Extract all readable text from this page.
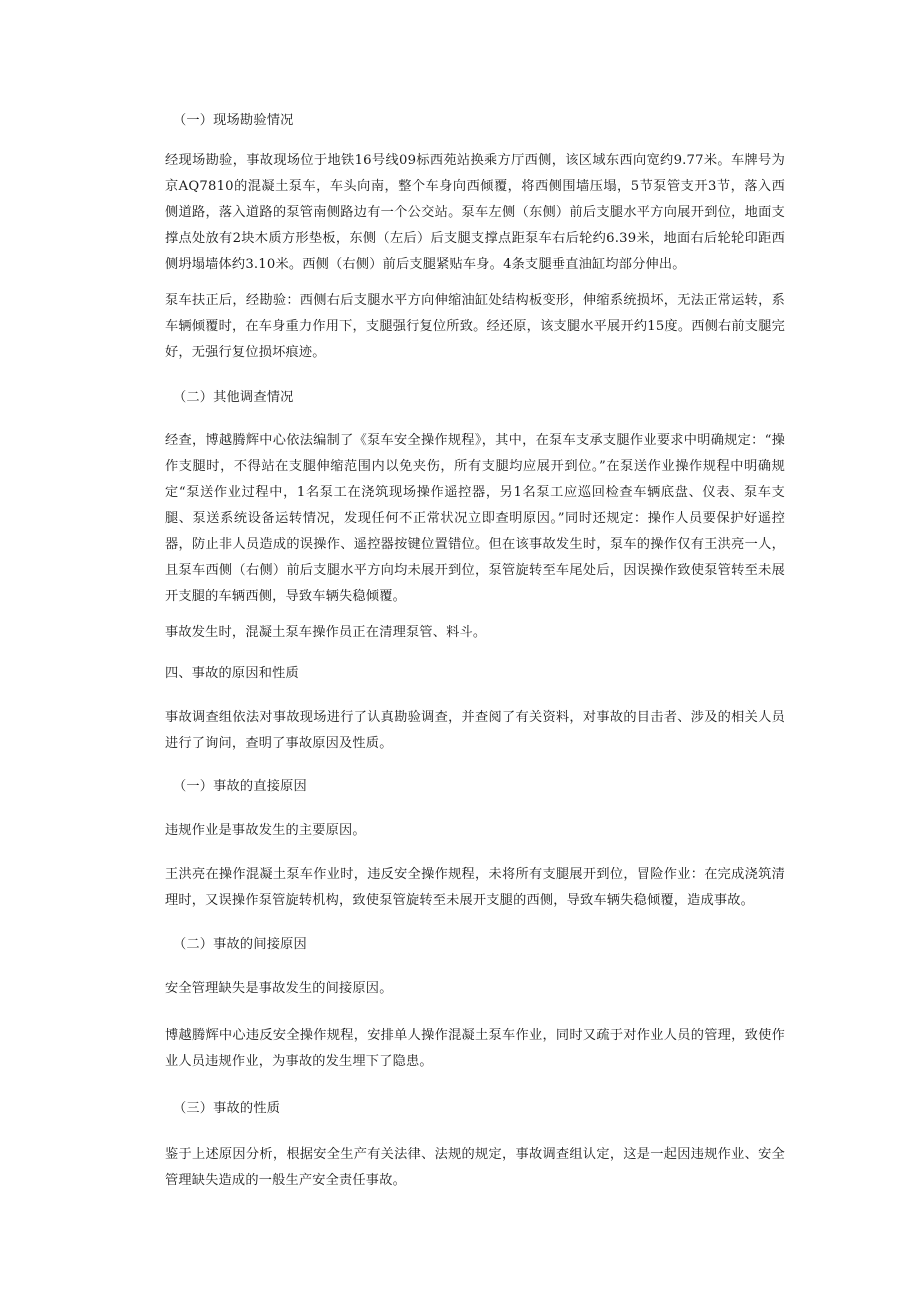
（一）现场勘验情况

经现场勘验，事故现场位于地铁16号线09标西苑站换乘方厅西侧，该区域东西向宽约9.77米。车牌号为京AQ7810的混凝土泵车，车头向南，整个车身向西倾覆，将西侧围墙压塌，5节泵管支开3节，落入西侧道路，落入道路的泵管南侧路边有一个公交站。泵车左侧（东侧）前后支腿水平方向展开到位，地面支撑点处放有2块木质方形垫板，东侧（左后）后支腿支撑点距泵车右后轮约6.39米，地面右后轮轮印距西侧坍塌墙体约3.10米。西侧（右侧）前后支腿紧贴车身。4条支腿垂直油缸均部分伸出。

泵车扶正后，经勘验：西侧右后支腿水平方向伸缩油缸处结构板变形，伸缩系统损坏，无法正常运转，系车辆倾覆时，在车身重力作用下，支腿强行复位所致。经还原，该支腿水平展开约15度。西侧右前支腿完好，无强行复位损坏痕迹。

（二）其他调查情况

经查，博越腾辉中心依法编制了《泵车安全操作规程》，其中，在泵车支承支腿作业要求中明确规定：“操作支腿时，不得站在支腿伸缩范围内以免夹伤，所有支腿均应展开到位。”在泵送作业操作规程中明确规定“泵送作业过程中，1名泵工在浇筑现场操作遥控器，另1名泵工应巡回检查车辆底盘、仪表、泵车支腿、泵送系统设备运转情况，发现任何不正常状况立即查明原因。”同时还规定：操作人员要保护好遥控器，防止非人员造成的误操作、遥控器按键位置错位。但在该事故发生时，泵车的操作仅有王洪亮一人，且泵车西侧（右侧）前后支腿水平方向均未展开到位，泵管旋转至车尾处后，因误操作致使泵管转至未展开支腿的车辆西侧，导致车辆失稳倾覆。

事故发生时，混凝土泵车操作员正在清理泵管、料斗。

四、事故的原因和性质

事故调查组依法对事故现场进行了认真勘验调查，并查阅了有关资料，对事故的目击者、涉及的相关人员进行了询问，查明了事故原因及性质。

（一）事故的直接原因

违规作业是事故发生的主要原因。

王洪亮在操作混凝土泵车作业时，违反安全操作规程，未将所有支腿展开到位，冒险作业：在完成浇筑清理时，又误操作泵管旋转机构，致使泵管旋转至未展开支腿的西侧，导致车辆失稳倾覆，造成事故。

（二）事故的间接原因

安全管理缺失是事故发生的间接原因。

博越腾辉中心违反安全操作规程，安排单人操作混凝土泵车作业，同时又疏于对作业人员的管理，致使作业人员违规作业，为事故的发生埋下了隐患。

（三）事故的性质

鉴于上述原因分析，根据安全生产有关法律、法规的规定，事故调查组认定，这是一起因违规作业、安全管理缺失造成的一般生产安全责任事故。
